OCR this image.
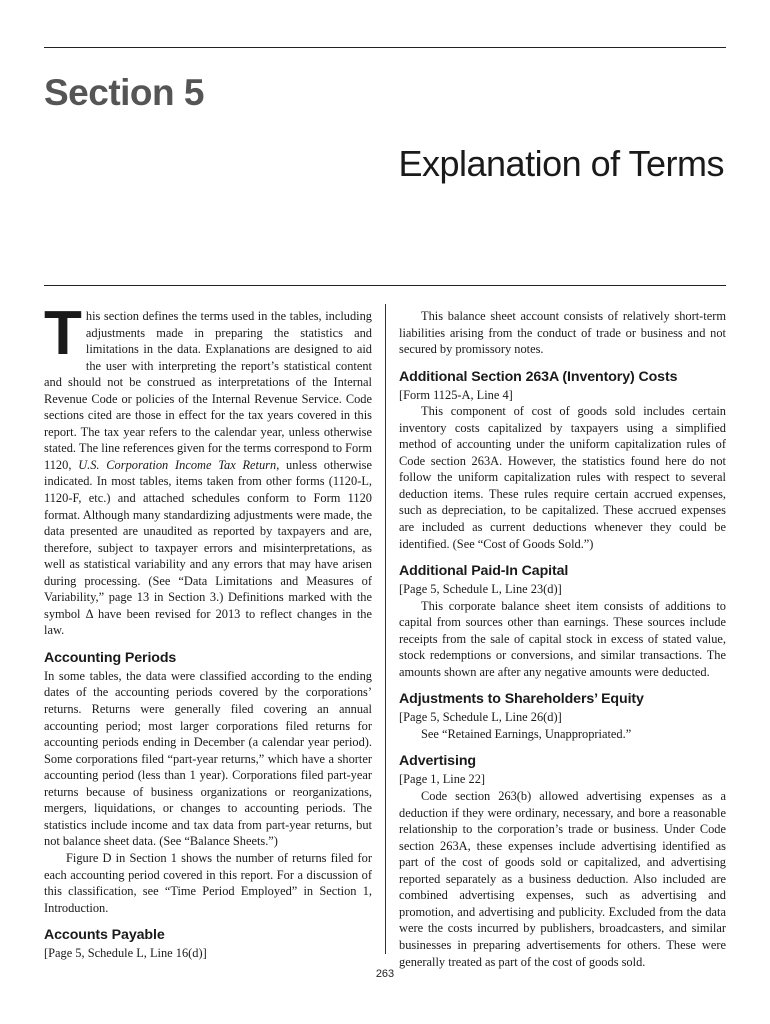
Section 5
Explanation of Terms

This section defines the terms used in the tables, including adjustments made in preparing the statistics and limitations in the data. Explanations are designed to aid the user with interpreting the report’s statistical content and should not be construed as interpretations of the Internal Revenue Code or policies of the Internal Revenue Service. Code sections cited are those in effect for the tax years covered in this report. The tax year refers to the calendar year, unless otherwise stated. The line references given for the terms correspond to Form 1120, U.S. Corporation Income Tax Return, unless otherwise indicated. In most tables, items taken from other forms (1120-L, 1120-F, etc.) and attached schedules conform to Form 1120 format. Although many standardizing adjustments were made, the data presented are unaudited as reported by taxpayers and are, therefore, subject to taxpayer errors and misinterpretations, as well as statistical variability and any errors that may have arisen during processing. (See “Data Limitations and Measures of Variability,” page 13 in Section 3.) Definitions marked with the symbol Δ have been revised for 2013 to reflect changes in the law.

Accounting Periods

In some tables, the data were classified according to the ending dates of the accounting periods covered by the corporations’ returns. Returns were generally filed covering an annual accounting period; most larger corporations filed returns for accounting periods ending in December (a calendar year period). Some corporations filed “part-year returns,” which have a shorter accounting period (less than 1 year). Corporations filed part-year returns because of business organizations or reorganizations, mergers, liquidations, or changes to accounting periods. The statistics include income and tax data from part-year returns, but not balance sheet data. (See “Balance Sheets.”)

Figure D in Section 1 shows the number of returns filed for each accounting period covered in this report. For a discussion of this classification, see “Time Period Employed” in Section 1, Introduction.

Accounts Payable

[Page 5, Schedule L, Line 16(d)]

This balance sheet account consists of relatively short-term liabilities arising from the conduct of trade or business and not secured by promissory notes.

Additional Section 263A (Inventory) Costs

[Form 1125-A, Line 4]

This component of cost of goods sold includes certain inventory costs capitalized by taxpayers using a simplified method of accounting under the uniform capitalization rules of Code section 263A. However, the statistics found here do not follow the uniform capitalization rules with respect to several deduction items. These rules require certain accrued expenses, such as depreciation, to be capitalized. These accrued expenses are included as current deductions whenever they could be identified. (See “Cost of Goods Sold.”)

Additional Paid-In Capital

[Page 5, Schedule L, Line 23(d)]

This corporate balance sheet item consists of additions to capital from sources other than earnings. These sources include receipts from the sale of capital stock in excess of stated value, stock redemptions or conversions, and similar transactions. The amounts shown are after any negative amounts were deducted.

Adjustments to Shareholders’ Equity

[Page 5, Schedule L, Line 26(d)]

See “Retained Earnings, Unappropriated.”

Advertising

[Page 1, Line 22]

Code section 263(b) allowed advertising expenses as a deduction if they were ordinary, necessary, and bore a reasonable relationship to the corporation’s trade or business. Under Code section 263A, these expenses include advertising identified as part of the cost of goods sold or capitalized, and advertising reported separately as a business deduction. Also included are combined advertising expenses, such as advertising and promotion, and advertising and publicity. Excluded from the data were the costs incurred by publishers, broadcasters, and similar businesses in preparing advertisements for others. These were generally treated as part of the cost of goods sold.

263
